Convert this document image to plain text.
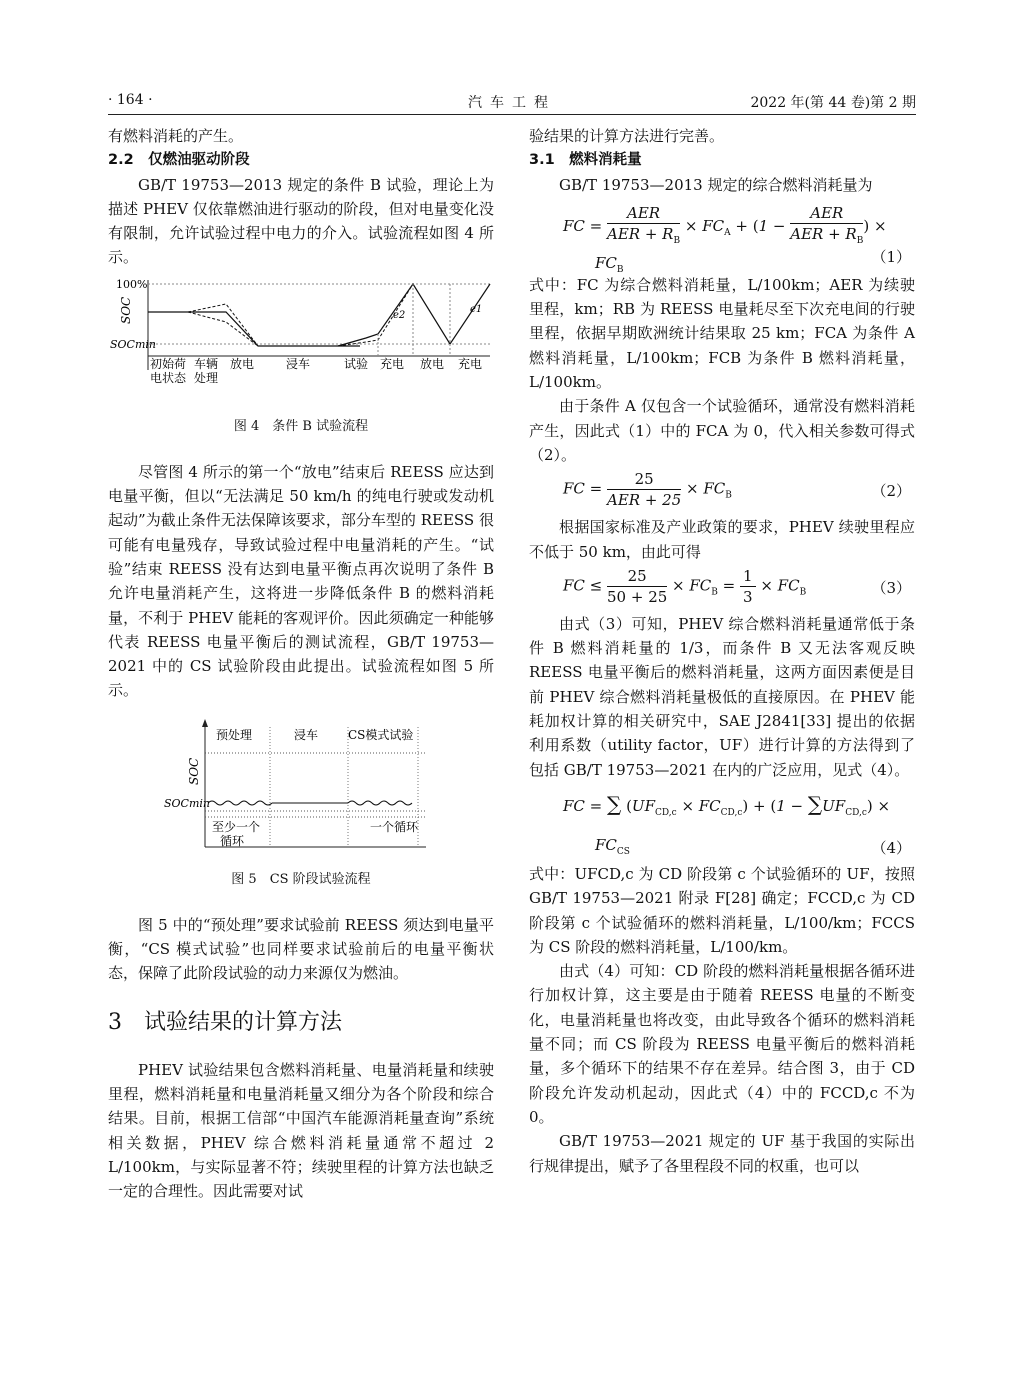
· 164 ·	汽车工程	2022 年(第 44 卷)第 2 期

有燃料消耗的产生。

2.2　仅燃油驱动阶段

GB/T 19753—2013 规定的条件 B 试验，理论上为描述 PHEV 仅依靠燃油进行驱动的阶段，但对电量变化没有限制，允许试验过程中电力的介入。试验流程如图 4 所示。

100%
SOC
SOCmin
e2
e1
初始荷
电状态
车辆
处理
放电	浸车	试验 充电 放电 充电

图 4　条件 B 试验流程

尽管图 4 所示的第一个“放电”结束后 REESS 应达到电量平衡，但以“无法满足 50 km/h 的纯电行驶或发动机起动”为截止条件无法保障该要求，部分车型的 REESS 很可能有电量残存，导致试验过程中电量消耗的产生。“试验”结束 REESS 没有达到电量平衡点再次说明了条件 B 允许电量消耗产生，这将进一步降低条件 B 的燃料消耗量，不利于 PHEV 能耗的客观评价。因此须确定一种能够代表 REESS 电量平衡后的测试流程，GB/T 19753—2021 中的 CS 试验阶段由此提出。试验流程如图 5 所示。

预处理	浸车 CS模式试验
SOC
SOCmin
至少一个
循环
一个循环

图 5　CS 阶段试验流程

图 5 中的“预处理”要求试验前 REESS 须达到电量平衡，“CS 模式试验”也同样要求试验前后的电量平衡状态，保障了此阶段试验的动力来源仅为燃油。

3　试验结果的计算方法

PHEV 试验结果包含燃料消耗量、电量消耗量和续驶里程，燃料消耗量和电量消耗量又细分为各个阶段和综合结果。目前，根据工信部“中国汽车能源消耗量查询”系统相关数据，PHEV 综合燃料消耗量通常不超过 2 L/100km，与实际显著不符；续驶里程的计算方法也缺乏一定的合理性。因此需要对试

验结果的计算方法进行完善。

3.1　燃料消耗量

GB/T 19753—2013 规定的综合燃料消耗量为

FC = $\frac{\text{AER}}{AER + R_B} \times FC_A + (1 - \frac{\text{AER}}{AER + R_B}$ ) ×
$FC_B$
（1）

式中：FC 为综合燃料消耗量，L/100km；AER 为续驶里程，km；RB 为 REESS 电量耗尽至下次充电间的行驶里程，依据早期欧洲统计结果取 25 km；FCA 为条件 A 燃料消耗量，L/100km；FCB 为条件 B 燃料消耗量，L/100km。

由于条件 A 仅包含一个试验循环，通常没有燃料消耗产生，因此式（1）中的 FCA 为 0，代入相关参数可得式（2）。

FC = $\frac{25}{\text{AER + 25}} \times FC_B$	（2）

根据国家标准及产业政策的要求，PHEV 续驶里程应不低于 50 km，由此可得

FC ≤ $\frac{25}{50 + 25} \times FC_B = \frac{1}{3} \times FC_B$	（3）

由式（3）可知，PHEV 综合燃料消耗量通常低于条件 B 燃料消耗量的 1/3，而条件 B 又无法客观反映 REESS 电量平衡后的燃料消耗量，这两方面因素便是目前 PHEV 综合燃料消耗量极低的直接原因。在 PHEV 能耗加权计算的相关研究中，SAE J2841[33] 提出的依据利用系数（utility factor，UF）进行计算的方法得到了包括 GB/T 19753—2021 在内的广泛应用，见式（4）。

FC = ∑ $(UF_{CD,c} \times FC_{CD,c}) + (1 - \sum UF_{CD,c})$ ×
$FC_{CS}$	（4）

式中：UFCD,c 为 CD 阶段第 c 个试验循环的 UF，按照 GB/T 19753—2021 附录 F[28] 确定；FCCD,c 为 CD 阶段第 c 个试验循环的燃料消耗量，L/100/km；FCCS 为 CS 阶段的燃料消耗量，L/100/km。

由式（4）可知：CD 阶段的燃料消耗量根据各循环进行加权计算，这主要是由于随着 REESS 电量的不断变化，电量消耗量也将改变，由此导致各个循环的燃料消耗量不同；而 CS 阶段为 REESS 电量平衡后的燃料消耗量，多个循环下的结果不存在差异。结合图 3，由于 CD 阶段允许发动机起动，因此式（4）中的 FCCD,c 不为 0。

GB/T 19753—2021 规定的 UF 基于我国的实际出行规律提出，赋予了各里程段不同的权重，也可以
